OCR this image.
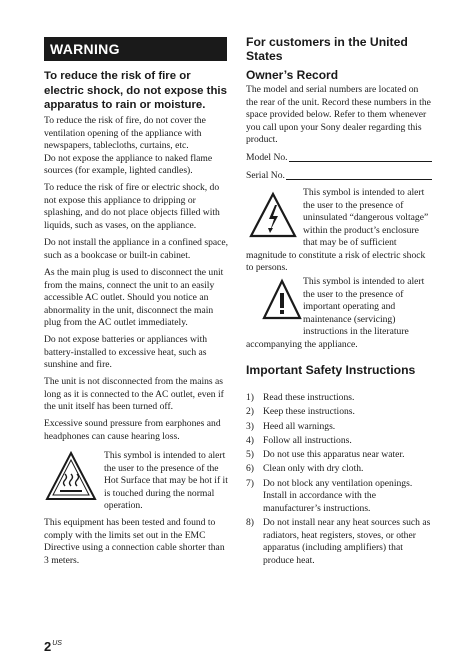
WARNING
To reduce the risk of fire or electric shock, do not expose this apparatus to rain or moisture.

To reduce the risk of fire, do not cover the ventilation opening of the appliance with newspapers, tablecloths, curtains, etc.

Do not expose the appliance to naked flame sources (for example, lighted candles).

To reduce the risk of fire or electric shock, do not expose this appliance to dripping or splashing, and do not place objects filled with liquids, such as vases, on the appliance.

Do not install the appliance in a confined space, such as a bookcase or built-in cabinet.

As the main plug is used to disconnect the unit from the mains, connect the unit to an easily accessible AC outlet. Should you notice an abnormality in the unit, disconnect the main plug from the AC outlet immediately.

Do not expose batteries or appliances with battery-installed to excessive heat, such as sunshine and fire.

The unit is not disconnected from the mains as long as it is connected to the AC outlet, even if the unit itself has been turned off.

Excessive sound pressure from earphones and headphones can cause hearing loss.

This symbol is intended to alert the user to the presence of the Hot Surface that may be hot if it is touched during the normal operation.

This equipment has been tested and found to comply with the limits set out in the EMC Directive using a connection cable shorter than 3 meters.

For customers in the United States
Owner’s Record

The model and serial numbers are located on the rear of the unit. Record these numbers in the space provided below. Refer to them whenever you call upon your Sony dealer regarding this product.

Model No.
Serial No.

This symbol is intended to alert the user to the presence of uninsulated “dangerous voltage” within the product’s enclosure that may be of sufficient magnitude to constitute a risk of electric shock to persons.

This symbol is intended to alert the user to the presence of important operating and maintenance (servicing) instructions in the literature accompanying the appliance.

Important Safety Instructions
1) Read these instructions.
2) Keep these instructions.
3) Heed all warnings.
4) Follow all instructions.
5) Do not use this apparatus near water.
6) Clean only with dry cloth.
7) Do not block any ventilation openings. Install in accordance with the manufacturer’s instructions.
8) Do not install near any heat sources such as radiators, heat registers, stoves, or other apparatus (including amplifiers) that produce heat.
$2^{US}$
